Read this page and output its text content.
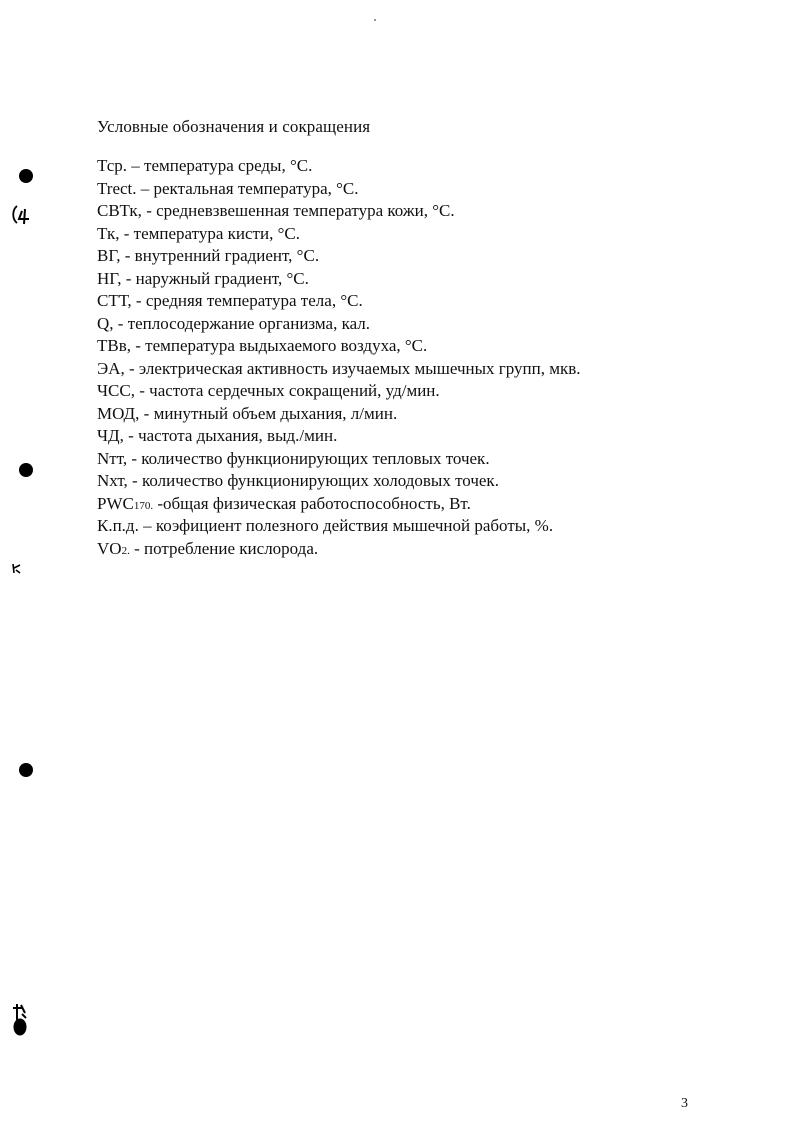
Условные обозначения и сокращения
Тср. – температура среды, °С.
Trect. – ректальная температура, °С.
СВТк, - средневзвешенная температура кожи, °С.
Тк, - температура кисти, °С.
ВГ, - внутренний градиент, °С.
НГ, - наружный градиент, °С.
СТТ, - средняя температура тела, °С.
Q, - теплосодержание организма, кал.
ТВв, - температура выдыхаемого воздуха, °С.
ЭА, - электрическая активность изучаемых мышечных групп, мкв.
ЧСС, - частота сердечных сокращений, уд/мин.
МОД, - минутный объем дыхания, л/мин.
ЧД, - частота дыхания, выд./мин.
Nтт, - количество функционирующих тепловых точек.
Nхт, - количество функционирующих холодовых точек.
PWC170. -общая физическая работоспособность, Вт.
К.п.д. – коэфициент полезного действия мышечной работы, %.
VO2. - потребление кислорода.
3
